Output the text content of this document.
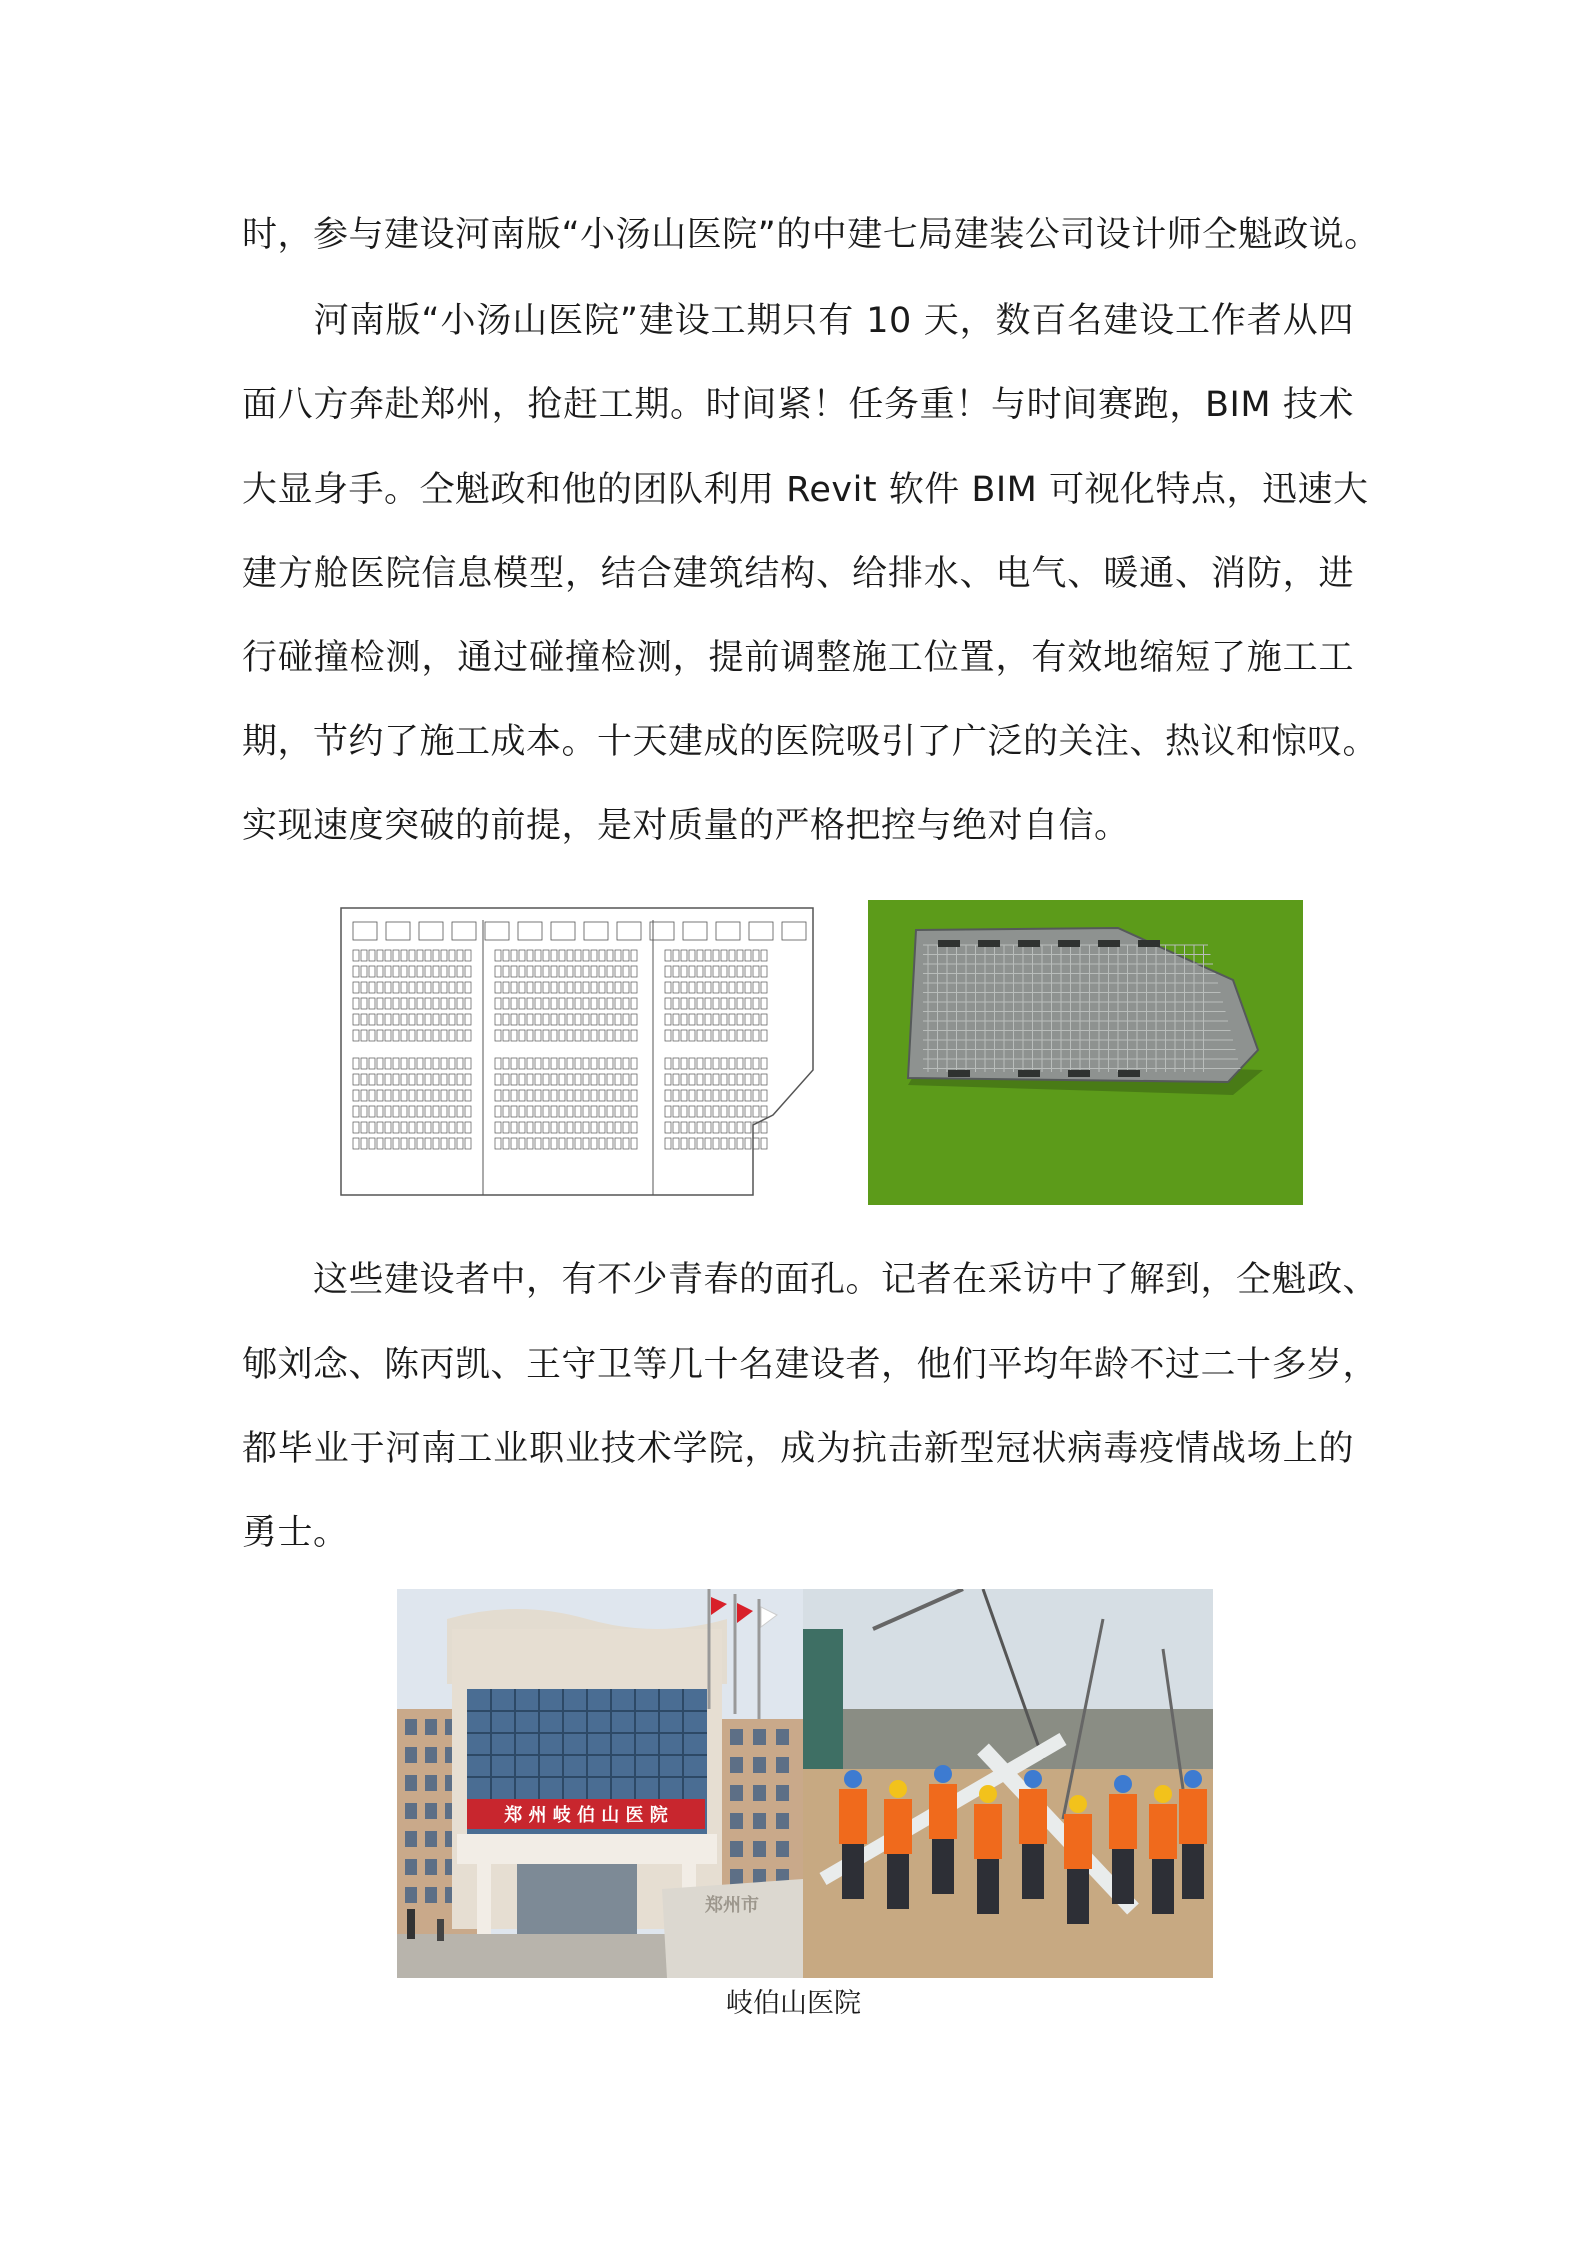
时，参与建设河南版“小汤山医院”的中建七局建装公司设计师仝魁政说。
　　河南版“小汤山医院”建设工期只有 10 天，数百名建设工作者从四
面八方奔赴郑州，抢赶工期。时间紧！任务重！与时间赛跑，BIM 技术
大显身手。仝魁政和他的团队利用 Revit 软件 BIM 可视化特点，迅速大
建方舱医院信息模型，结合建筑结构、给排水、电气、暖通、消防，进
行碰撞检测，通过碰撞检测，提前调整施工位置，有效地缩短了施工工
期，节约了施工成本。十天建成的医院吸引了广泛的关注、热议和惊叹。
实现速度突破的前提，是对质量的严格把控与绝对自信。
　　这些建设者中，有不少青春的面孔。记者在采访中了解到，仝魁政、
郇刘念、陈丙凯、王守卫等几十名建设者，他们平均年龄不过二十多岁，
都毕业于河南工业职业技术学院，成为抗击新型冠状病毒疫情战场上的
勇士。
郑 州 岐 伯 山 医 院
郑州市
岐伯山医院
